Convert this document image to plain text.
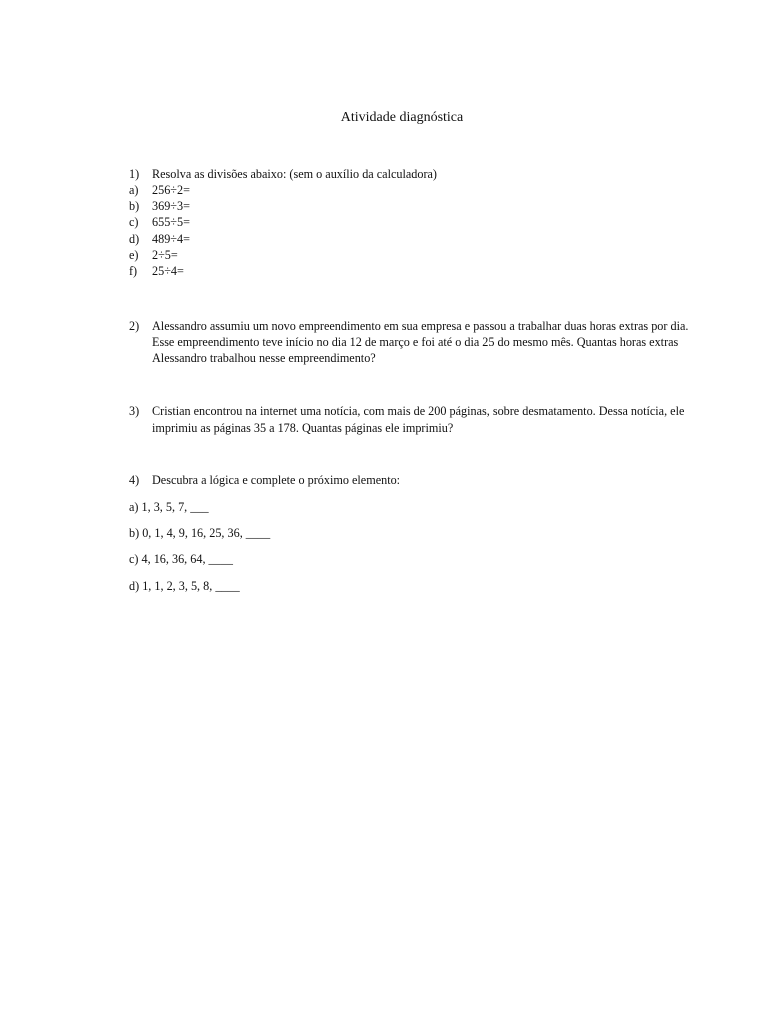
Atividade diagnóstica
1) Resolva as divisões abaixo: (sem o auxílio da calculadora)
a) 256÷2=
b) 369÷3=
c) 655÷5=
d) 489÷4=
e) 2÷5=
f) 25÷4=
2) Alessandro assumiu um novo empreendimento em sua empresa e passou a trabalhar duas horas extras por dia.
Esse empreendimento teve início no dia 12 de março e foi até o dia 25 do mesmo mês. Quantas horas extras
Alessandro trabalhou nesse empreendimento?
3) Cristian encontrou na internet uma notícia, com mais de 200 páginas, sobre desmatamento. Dessa notícia, ele
imprimiu as páginas 35 a 178. Quantas páginas ele imprimiu?
4) Descubra a lógica e complete o próximo elemento:
a) 1, 3, 5, 7, ___
b) 0, 1, 4, 9, 16, 25, 36, ____
c) 4, 16, 36, 64, ____
d) 1, 1, 2, 3, 5, 8, ____
